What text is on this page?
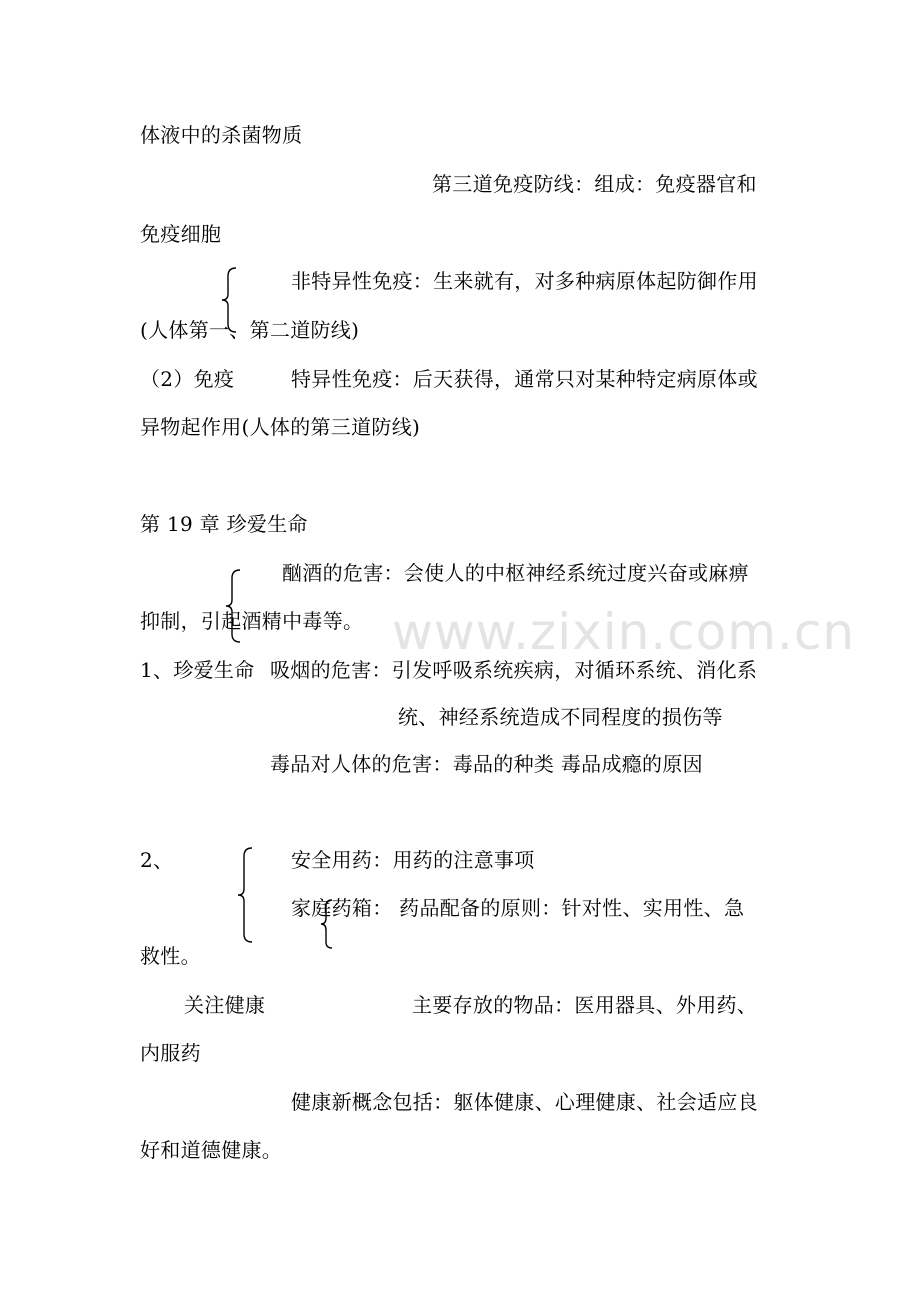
www.zixin.com.cn
体液中的杀菌物质
第三道免疫防线：组成：免疫器官和
免疫细胞
非特异性免疫：生来就有，对多种病原体起防御作用
(人体第一、第二道防线)
（2）免疫	特异性免疫：后天获得，通常只对某种特定病原体或
异物起作用(人体的第三道防线)
第 19 章 珍爱生命
酗酒的危害：会使人的中枢神经系统过度兴奋或麻痹
抑制，引起酒精中毒等。
1、珍爱生命 吸烟的危害：引发呼吸系统疾病，对循环系统、消化系
统、神经系统造成不同程度的损伤等
毒品对人体的危害：毒品的种类 毒品成瘾的原因
2、	安全用药：用药的注意事项
家庭药箱： 药品配备的原则：针对性、实用性、急
救性。
关注健康	主要存放的物品：医用器具、外用药、
内服药
健康新概念包括：躯体健康、心理健康、社会适应良
好和道德健康。
